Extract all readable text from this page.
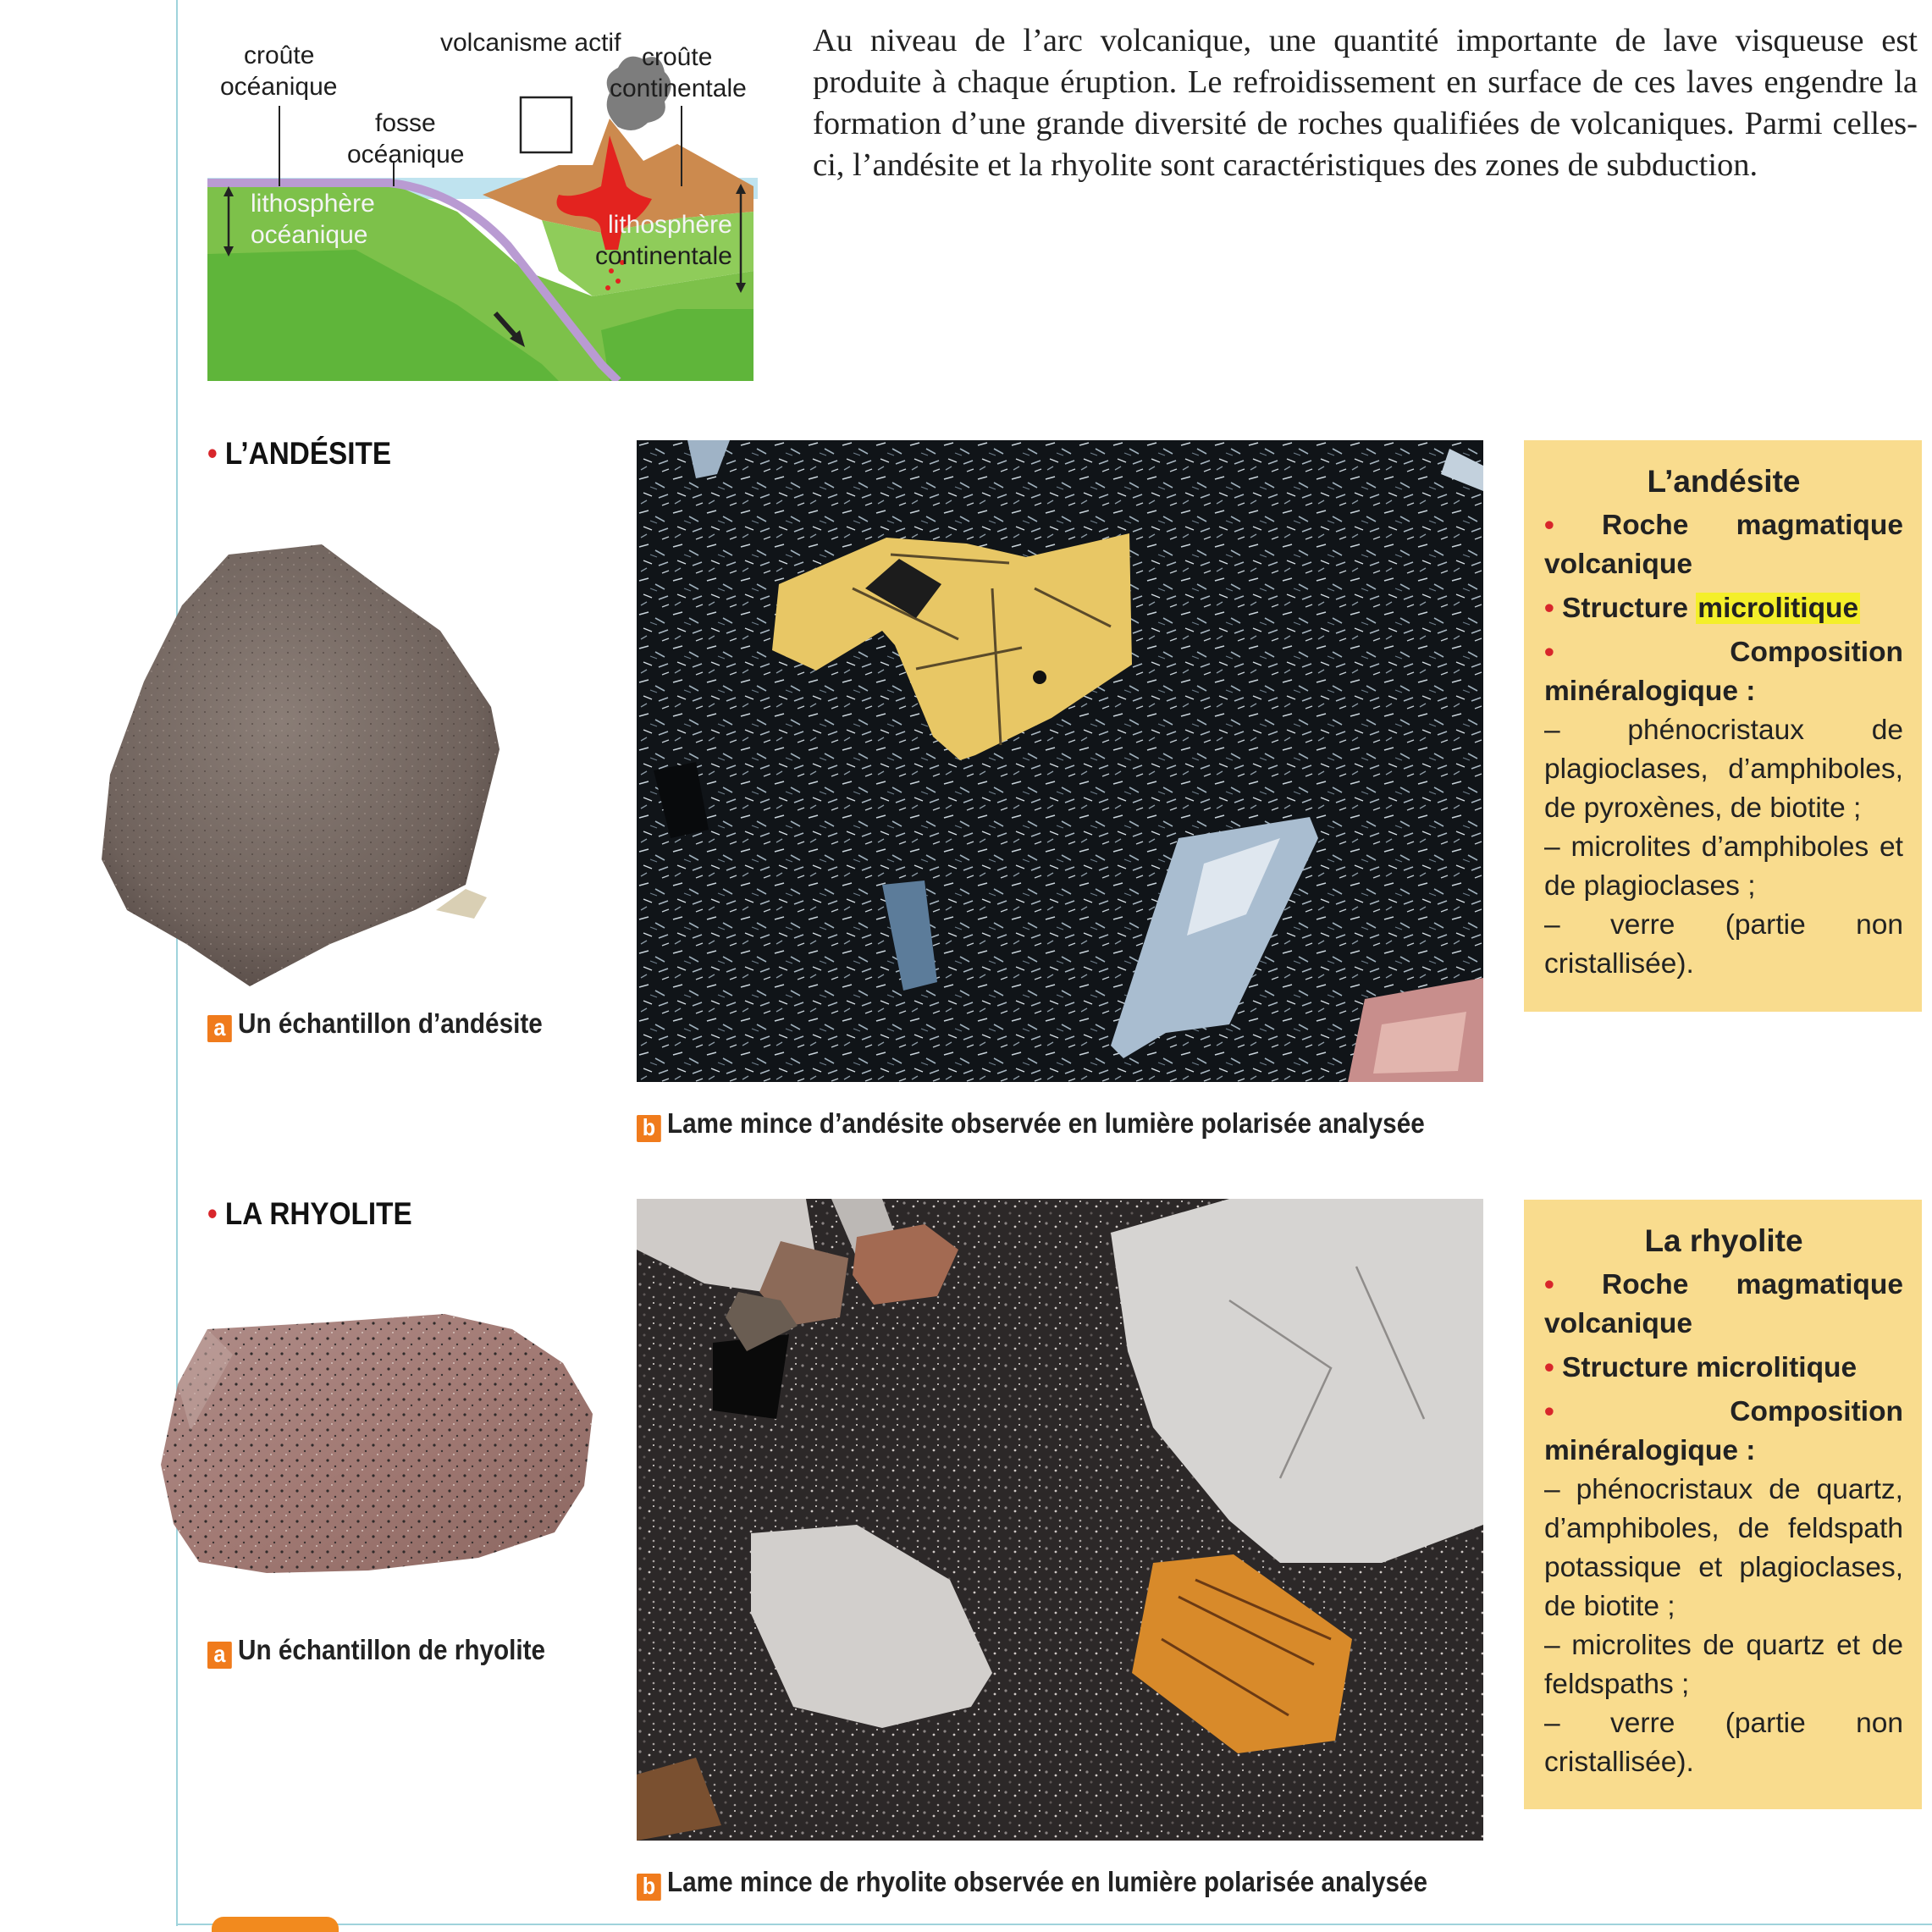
volcanisme actif
croûte
océanique
croûte
continentale
fosse
océanique
lithosphère
océanique	lithosphère
continentale
Au niveau de l’arc volcanique, une quantité importante de lave visqueuse est produite à chaque éruption. Le refroidissement en surface de ces laves engendre la formation d’une grande diversité de roches qualifiées de volcaniques. Parmi celles-ci, l’andésite et la rhyolite sont caractéristiques des zones de subduction.
• L’ANDÉSITE
a Un échantillon d’andésite
b Lame mince d’andésite observée en lumière polarisée analysée
L’andésite
• Roche magmatique volcanique
• Structure microlitique
• Composition minéralogique :
– phénocristaux de plagioclases, d’amphiboles, de pyroxènes, de biotite ;
– microlites d’amphiboles et de plagioclases ;
– verre (partie non cristallisée).
• LA RHYOLITE
a Un échantillon de rhyolite
b Lame mince de rhyolite observée en lumière polarisée analysée
La rhyolite
• Roche magmatique volcanique
• Structure microlitique
• Composition minéralogique :
– phénocristaux de quartz, d’amphiboles, de feldspath potassique et plagioclases, de biotite ;
– microlites de quartz et de feldspaths ;
– verre (partie non cristallisée).
